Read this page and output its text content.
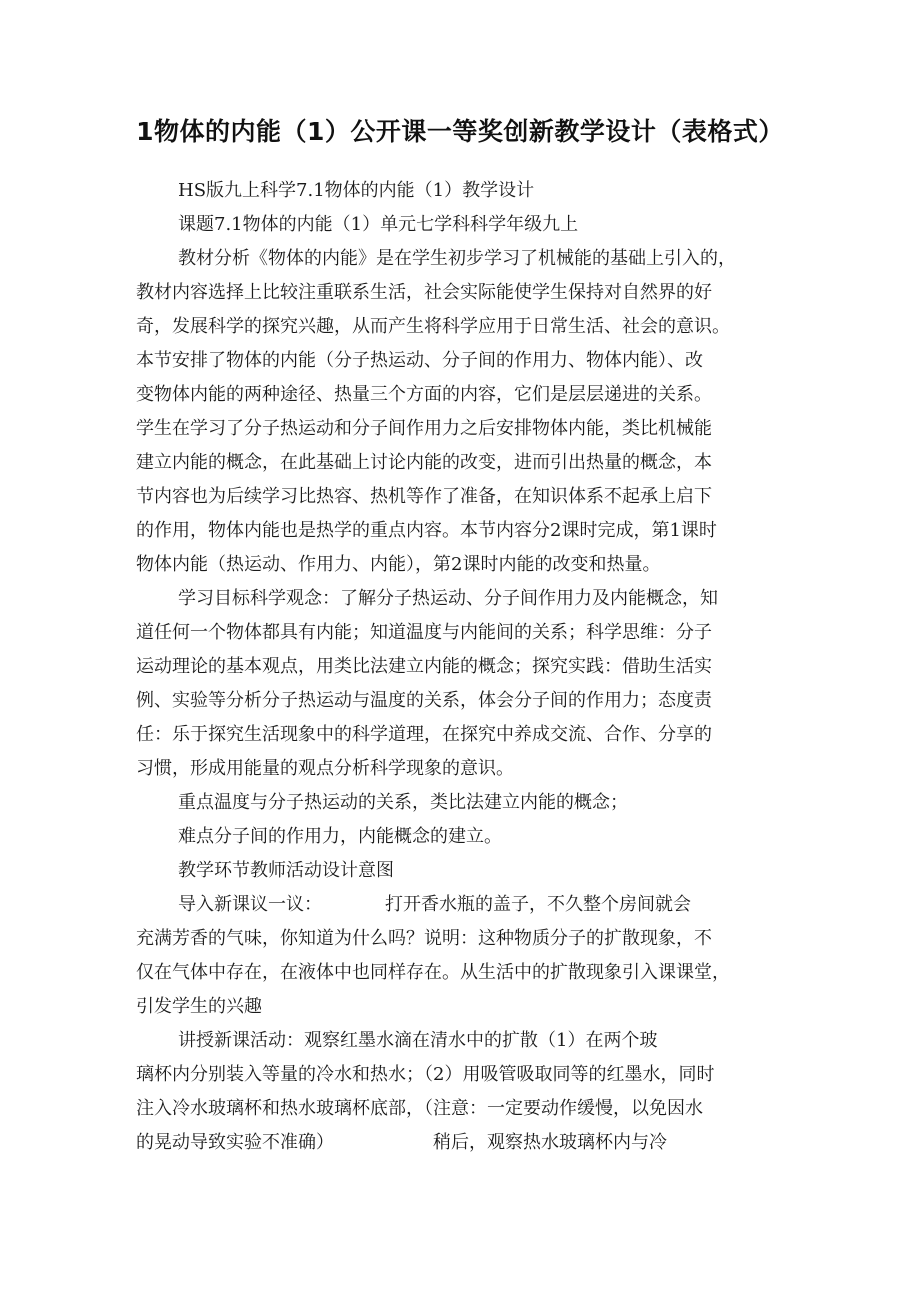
1物体的内能（1）公开课一等奖创新教学设计（表格式）
HS版九上科学7.1物体的内能（1）教学设计
课题7.1物体的内能（1）单元七学科科学年级九上
教材分析《物体的内能》是在学生初步学习了机械能的基础上引入的，
教材内容选择上比较注重联系生活，社会实际能使学生保持对自然界的好
奇，发展科学的探究兴趣，从而产生将科学应用于日常生活、社会的意识。
本节安排了物体的内能（分子热运动、分子间的作用力、物体内能）、改
变物体内能的两种途径、热量三个方面的内容，它们是层层递进的关系。
学生在学习了分子热运动和分子间作用力之后安排物体内能，类比机械能
建立内能的概念，在此基础上讨论内能的改变，进而引出热量的概念，本
节内容也为后续学习比热容、热机等作了准备，在知识体系不起承上启下
的作用，物体内能也是热学的重点内容。本节内容分2课时完成，第1课时
物体内能（热运动、作用力、内能），第2课时内能的改变和热量。
学习目标科学观念：了解分子热运动、分子间作用力及内能概念，知
道任何一个物体都具有内能；知道温度与内能间的关系；科学思维：分子
运动理论的基本观点，用类比法建立内能的概念；探究实践：借助生活实
例、实验等分析分子热运动与温度的关系，体会分子间的作用力；态度责
任：乐于探究生活现象中的科学道理，在探究中养成交流、合作、分享的
习惯，形成用能量的观点分析科学现象的意识。
重点温度与分子热运动的关系，类比法建立内能的概念；
难点分子间的作用力，内能概念的建立。
教学环节教师活动设计意图
导入新课议一议：　　　　打开香水瓶的盖子，不久整个房间就会
充满芳香的气味，你知道为什么吗？说明：这种物质分子的扩散现象，不
仅在气体中存在，在液体中也同样存在。从生活中的扩散现象引入课课堂，
引发学生的兴趣
讲授新课活动：观察红墨水滴在清水中的扩散（1）在两个玻
璃杯内分别装入等量的冷水和热水；（2）用吸管吸取同等的红墨水，同时
注入冷水玻璃杯和热水玻璃杯底部，（注意：一定要动作缓慢，以免因水
的晃动导致实验不准确）　　　　　　稍后，观察热水玻璃杯内与冷
